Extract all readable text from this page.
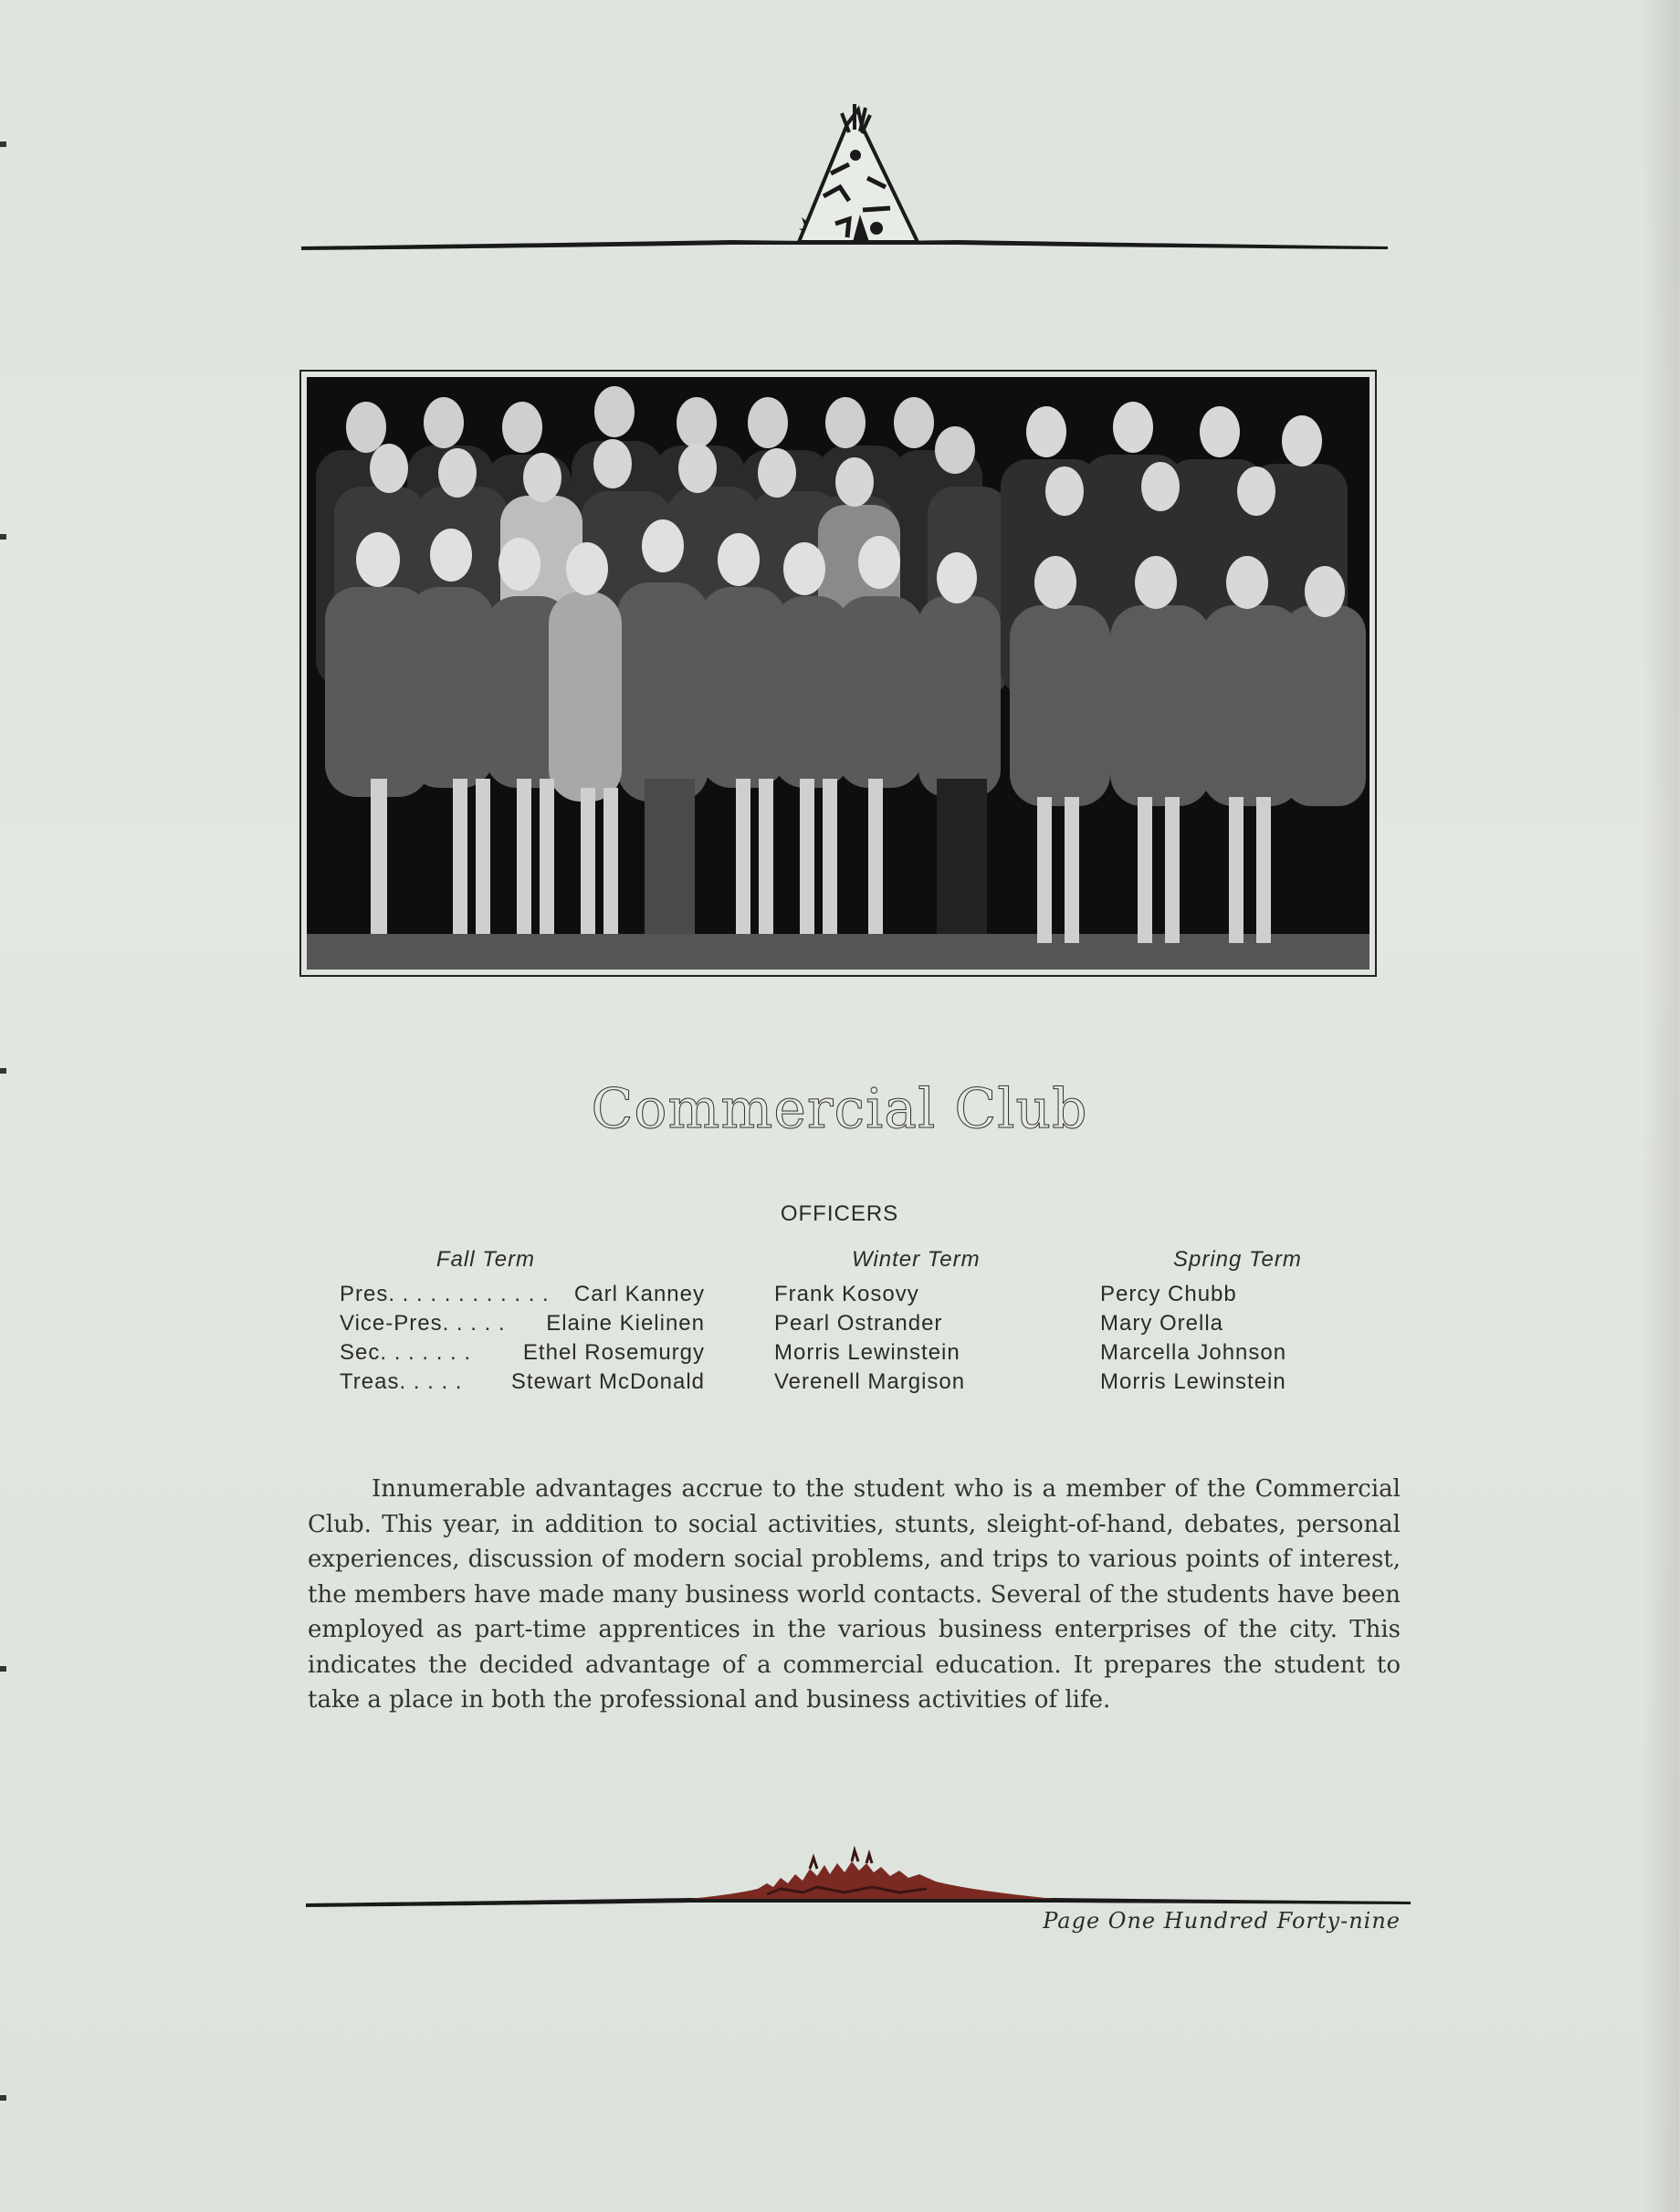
Commercial Club
OFFICERS
Fall Term
Pres. . . . . . . . . . . . Carl Kanney
Vice-Pres. . . . . Elaine Kielinen
Sec. . . . . . . Ethel Rosemurgy
Treas. . . . . Stewart McDonald
Winter Term
Frank Kosovy
Pearl Ostrander
Morris Lewinstein
Verenell Margison
Spring Term
Percy Chubb
Mary Orella
Marcella Johnson
Morris Lewinstein

Innumerable advantages accrue to the student who is a member of the Commercial Club. This year, in addition to social activities, stunts, sleight-of-hand, debates, personal experiences, discussion of modern social problems, and trips to various points of interest, the members have made many business world contacts. Several of the students have been employed as part-time apprentices in the various business enterprises of the city. This indicates the decided advantage of a commercial education. It prepares the student to take a place in both the professional and business activities of life.

Page One Hundred Forty-nine
